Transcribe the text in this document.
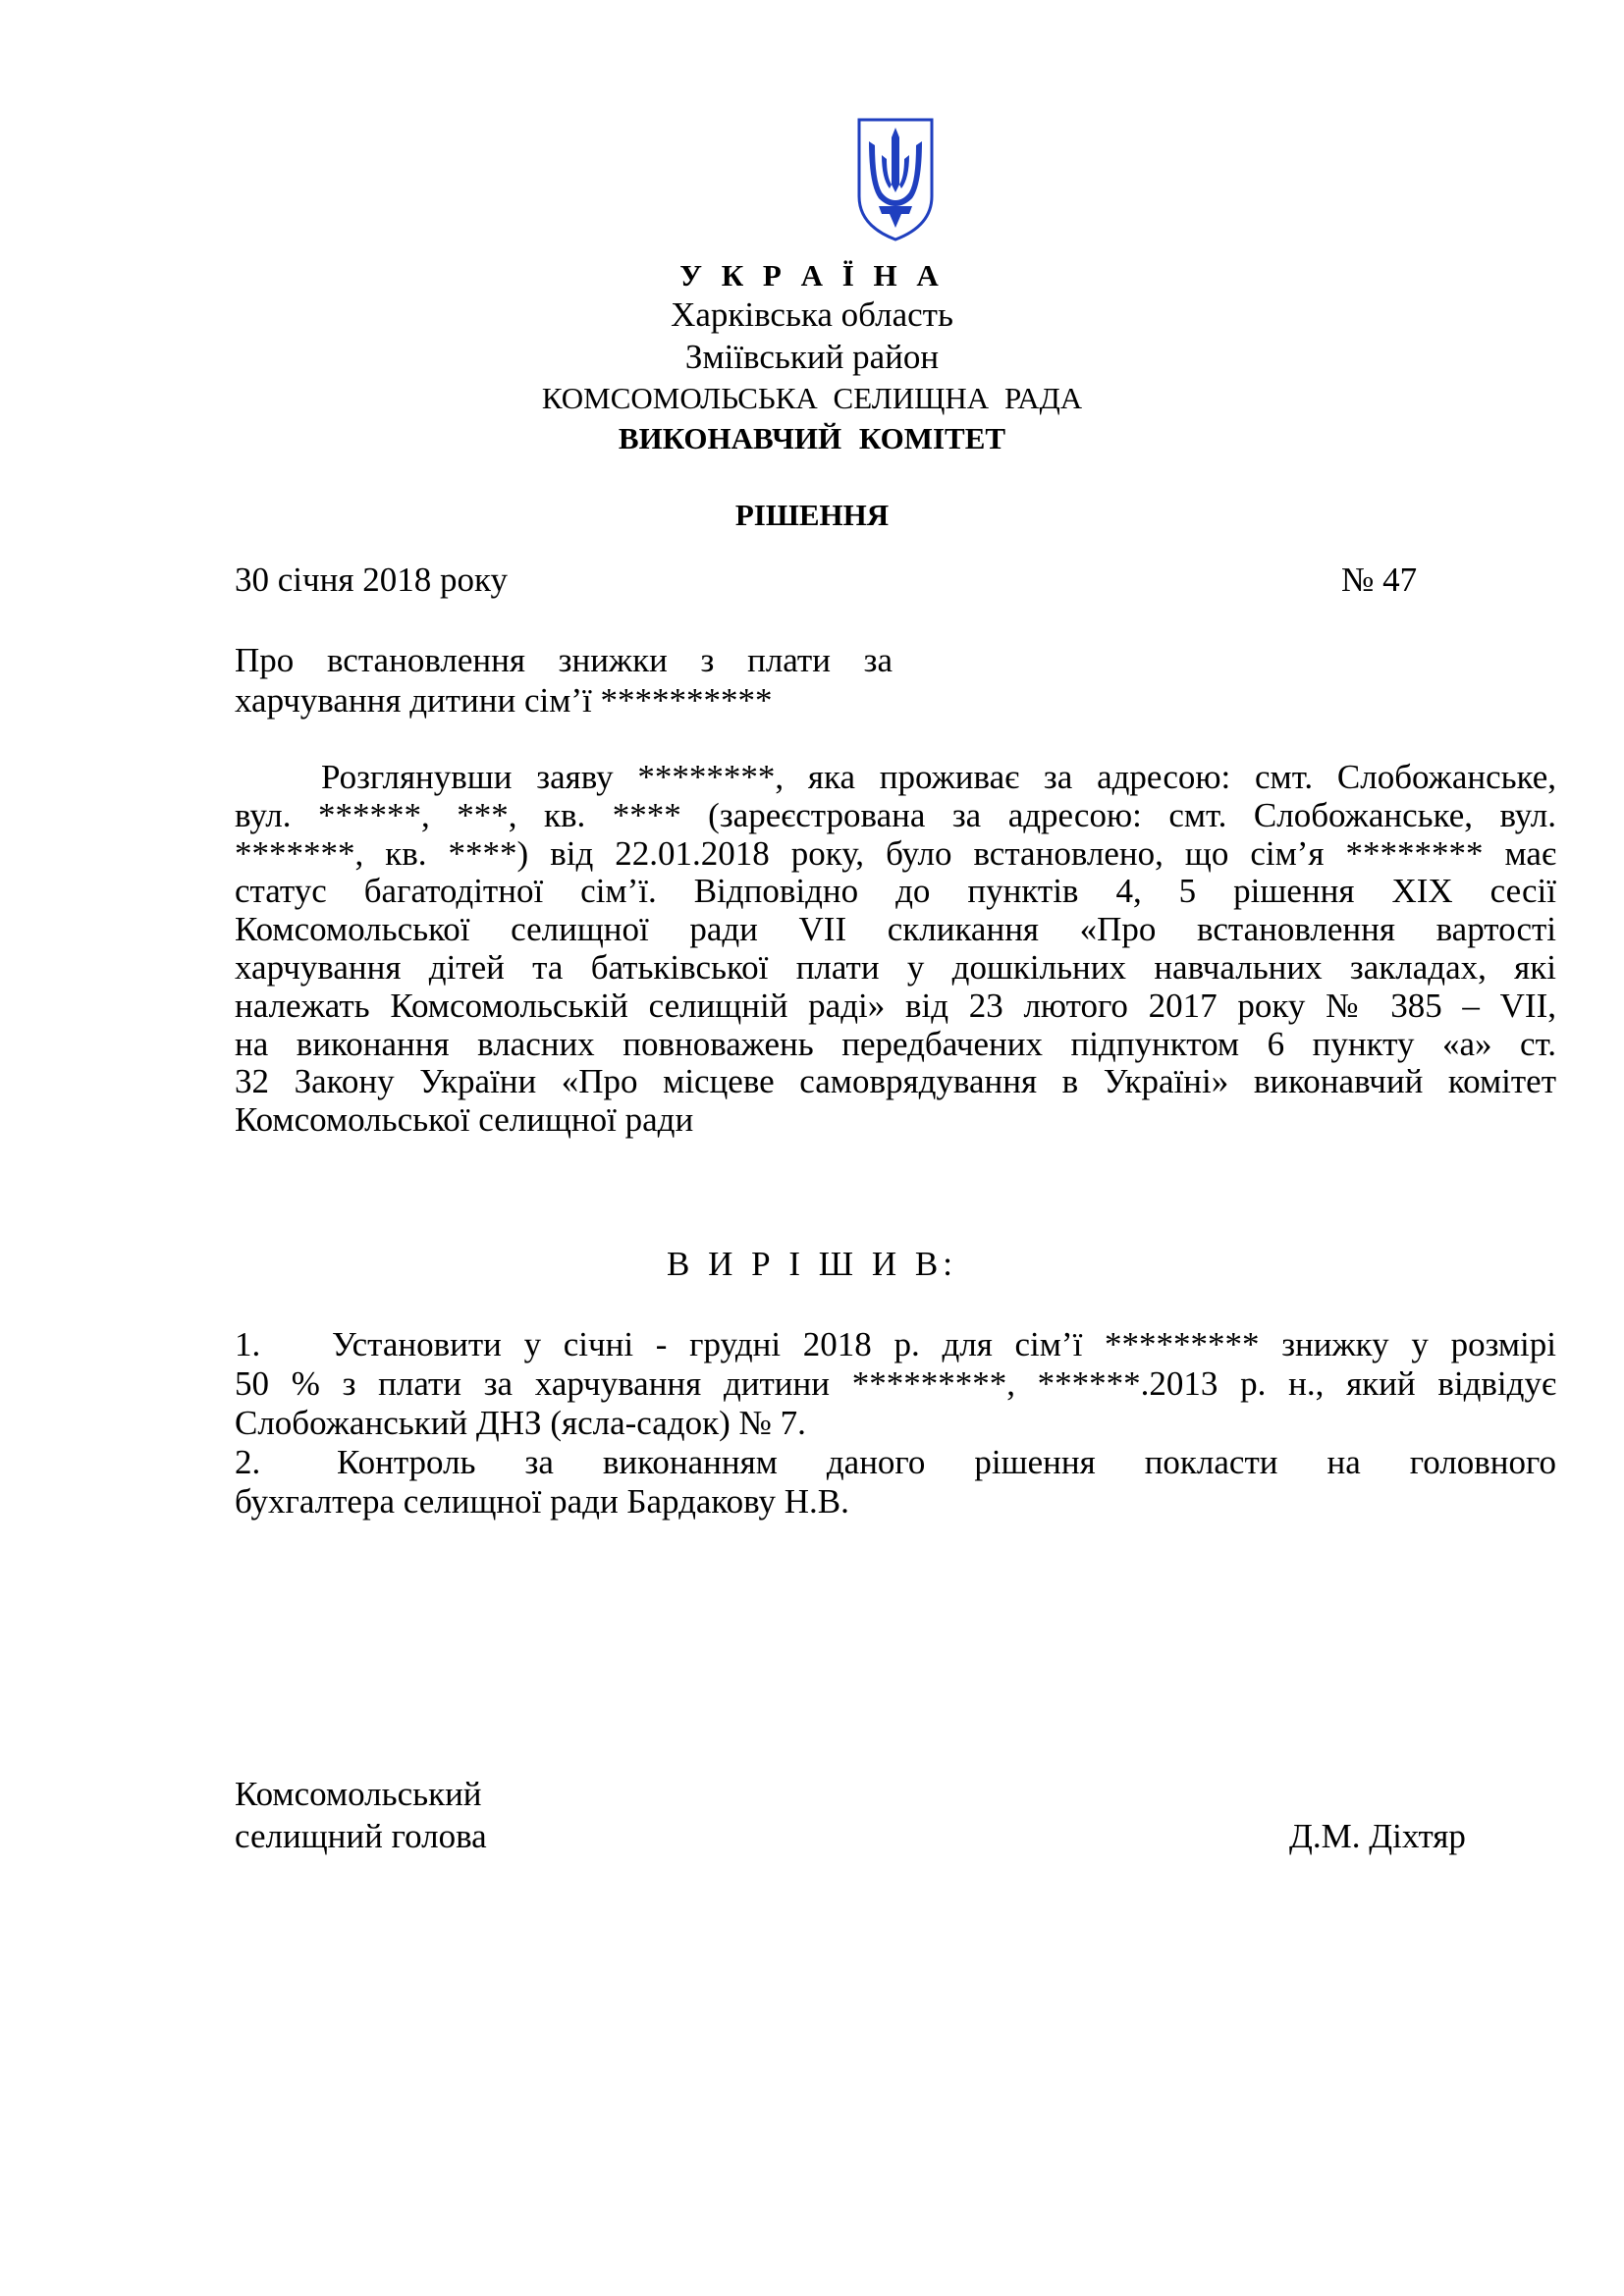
У К Р А Ї Н А
Харківська область
Зміївський район
КОМСОМОЛЬСЬКА СЕЛИЩНА РАДА
ВИКОНАВЧИЙ КОМІТЕТ
РІШЕННЯ
30 січня 2018 року	№ 47
Про встановлення знижки з плати за
харчування дитини сім’ї **********
Розглянувши заяву ********, яка проживає за адресою: смт. Слобожанське,
вул. ******, ***, кв. **** (зареєстрована за адресою: смт. Слобожанське, вул.
*******, кв. ****) від 22.01.2018 року, було встановлено, що сім’я ******** має
статус багатодітної сім’ї. Відповідно до пунктів 4, 5 рішення XIX сесії
Комсомольської селищної ради VII скликання «Про встановлення вартості
харчування дітей та батьківської плати у дошкільних навчальних закладах, які
належать Комсомольській селищній раді» від 23 лютого 2017 року № 385 – VII,
на виконання власних повноважень передбачених підпунктом 6 пункту «а» ст.
32 Закону України «Про місцеве самоврядування в Україні» виконавчий комітет
Комсомольської селищної ради
В И Р І Ш И В:
1. Установити у січні - грудні 2018 р. для сім’ї ********* знижку у розмірі
50 % з плати за харчування дитини *********, ******.2013 р. н., який відвідує
Слобожанський ДНЗ (ясла-садок) № 7.
2. Контроль за виконанням даного рішення покласти на головного
бухгалтера селищної ради Бардакову Н.В.
Комсомольський
селищний голова	Д.М. Діхтяр
